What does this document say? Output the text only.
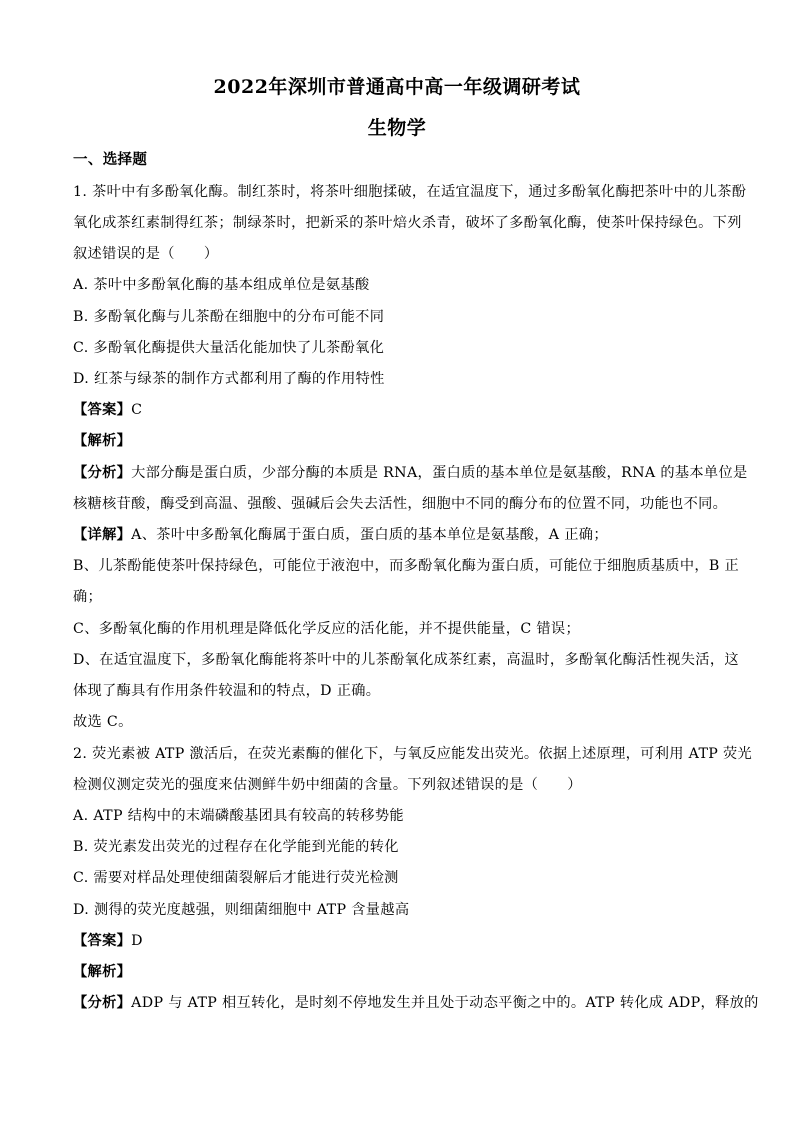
2022年深圳市普通高中高一年级调研考试
生物学
一、选择题
1. 茶叶中有多酚氧化酶。制红茶时，将茶叶细胞揉破，在适宜温度下，通过多酚氧化酶把茶叶中的儿茶酚
氧化成茶红素制得红茶；制绿茶时，把新采的茶叶焙火杀青，破坏了多酚氧化酶，使茶叶保持绿色。下列
叙述错误的是（　　）
A. 茶叶中多酚氧化酶的基本组成单位是氨基酸
B. 多酚氧化酶与儿茶酚在细胞中的分布可能不同
C. 多酚氧化酶提供大量活化能加快了儿茶酚氧化
D. 红茶与绿茶的制作方式都利用了酶的作用特性
【答案】C
【解析】
【分析】大部分酶是蛋白质，少部分酶的本质是 RNA，蛋白质的基本单位是氨基酸，RNA 的基本单位是
核糖核苷酸，酶受到高温、强酸、强碱后会失去活性，细胞中不同的酶分布的位置不同，功能也不同。
【详解】A、茶叶中多酚氧化酶属于蛋白质，蛋白质的基本单位是氨基酸，A 正确；
B、儿茶酚能使茶叶保持绿色，可能位于液泡中，而多酚氧化酶为蛋白质，可能位于细胞质基质中，B 正
确；
C、多酚氧化酶的作用机理是降低化学反应的活化能，并不提供能量，C 错误；
D、在适宜温度下，多酚氧化酶能将茶叶中的儿茶酚氧化成茶红素，高温时，多酚氧化酶活性视失活，这
体现了酶具有作用条件较温和的特点，D 正确。
故选 C。
2. 荧光素被 ATP 激活后，在荧光素酶的催化下，与氧反应能发出荧光。依据上述原理，可利用 ATP 荧光
检测仪测定荧光的强度来估测鲜牛奶中细菌的含量。下列叙述错误的是（　　）
A. ATP 结构中的末端磷酸基团具有较高的转移势能
B. 荧光素发出荧光的过程存在化学能到光能的转化
C. 需要对样品处理使细菌裂解后才能进行荧光检测
D. 测得的荧光度越强，则细菌细胞中 ATP 含量越高
【答案】D
【解析】
【分析】ADP 与 ATP 相互转化，是时刻不停地发生并且处于动态平衡之中的。ATP 转化成 ADP，释放的
